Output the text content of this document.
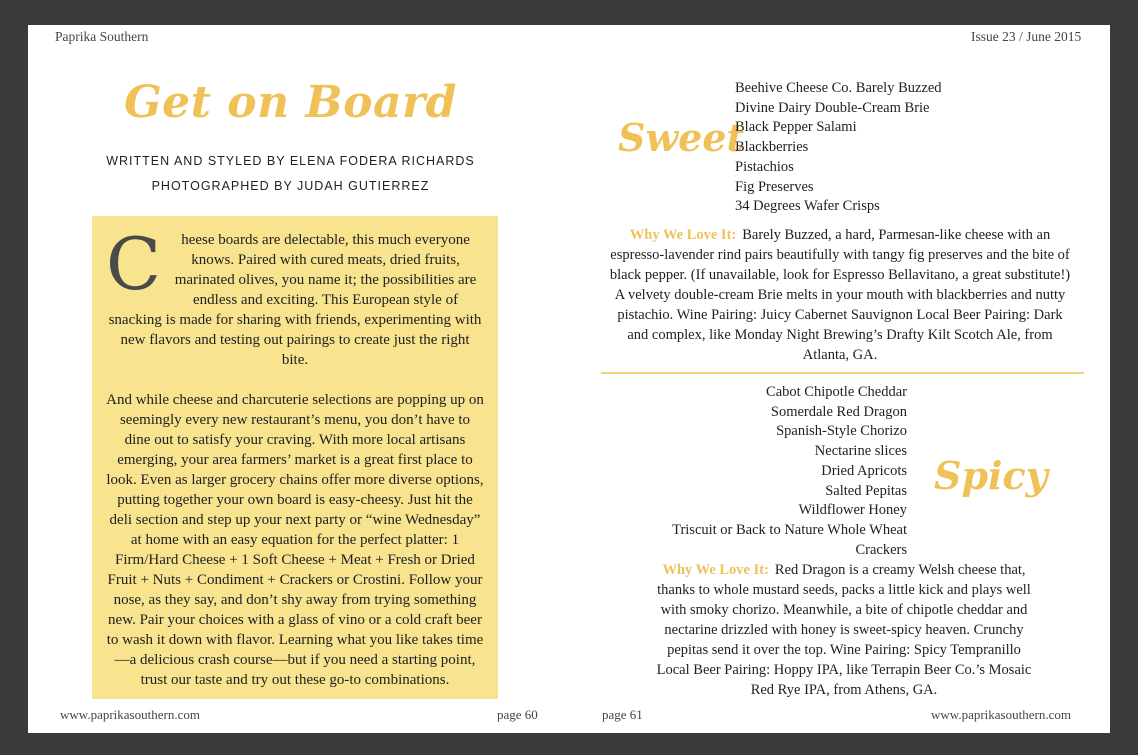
Paprika Southern
Get on Board
WRITTEN AND STYLED BY ELENA FODERA RICHARDS
PHOTOGRAPHED BY JUDAH GUTIERREZ

C heese boards are delectable, this much everyone knows. Paired with cured meats, dried fruits, marinated olives, you name it; the possibilities are endless and exciting. This European style of snacking is made for sharing with friends, experimenting with new flavors and testing out pairings to create just the right bite.

And while cheese and charcuterie selections are popping up on seemingly every new restaurant’s menu, you don’t have to dine out to satisfy your craving. With more local artisans emerging, your area farmers’ market is a great first place to look. Even as larger grocery chains offer more diverse options, putting together your own board is easy-cheesy. Just hit the deli section and step up your next party or “wine Wednesday” at home with an easy equation for the perfect platter: 1 Firm/Hard Cheese + 1 Soft Cheese + Meat + Fresh or Dried Fruit + Nuts + Condiment + Crackers or Crostini. Follow your nose, as they say, and don’t shy away from trying something new. Pair your choices with a glass of vino or a cold craft beer to wash it down with flavor. Learning what you like takes time—a delicious crash course—but if you need a starting point, trust our taste and try out these go-to combinations.

www.paprikasouthern.com	page 60
Issue 23 / June 2015
Sweet
Beehive Cheese Co. Barely Buzzed
Divine Dairy Double-Cream Brie
Black Pepper Salami
Blackberries
Pistachios
Fig Preserves
34 Degrees Wafer Crisps

Why We Love It: Barely Buzzed, a hard, Parmesan-like cheese with an espresso-lavender rind pairs beautifully with tangy fig preserves and the bite of black pepper. (If unavailable, look for Espresso Bellavitano, a great substitute!) A velvety double-cream Brie melts in your mouth with blackberries and nutty pistachio. Wine Pairing: Juicy Cabernet Sauvignon Local Beer Pairing: Dark and complex, like Monday Night Brewing’s Drafty Kilt Scotch Ale, from Atlanta, GA.

Cabot Chipotle Cheddar
Somerdale Red Dragon
Spanish-Style Chorizo
Nectarine slices
Dried Apricots
Salted Pepitas
Wildflower Honey
Triscuit or Back to Nature Whole Wheat
Crackers
Spicy

Why We Love It: Red Dragon is a creamy Welsh cheese that, thanks to whole mustard seeds, packs a little kick and plays well with smoky chorizo. Meanwhile, a bite of chipotle cheddar and nectarine drizzled with honey is sweet-spicy heaven. Crunchy pepitas send it over the top. Wine Pairing: Spicy Tempranillo Local Beer Pairing: Hoppy IPA, like Terrapin Beer Co.’s Mosaic Red Rye IPA, from Athens, GA.

page 61	www.paprikasouthern.com
